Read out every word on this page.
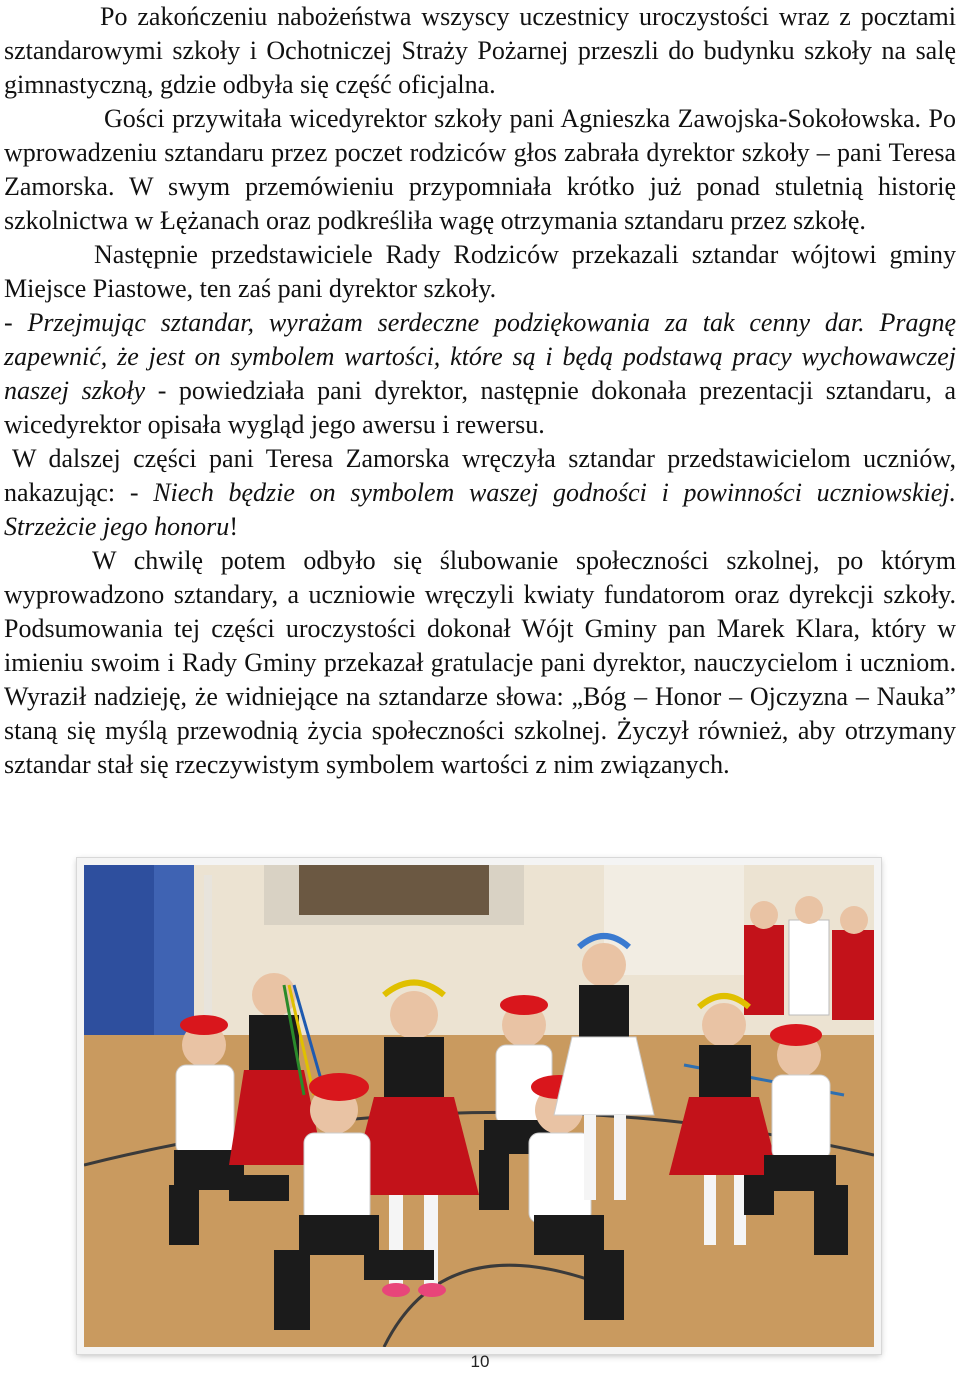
Po zakończeniu nabożeństwa wszyscy uczestnicy uroczystości wraz z pocztami sztandarowymi szkoły i Ochotniczej Straży Pożarnej przeszli do budynku szkoły na salę gimnastyczną, gdzie odbyła się część oficjalna.

Gości przywitała wicedyrektor szkoły pani Agnieszka Zawojska-Sokołowska. Po wprowadzeniu sztandaru przez poczet rodziców głos zabrała dyrektor szkoły – pani Teresa Zamorska. W swym przemówieniu przypomniała krótko już ponad stuletnią historię szkolnictwa w Łężanach oraz podkreśliła wagę otrzymania sztandaru przez szkołę.

Następnie przedstawiciele Rady Rodziców przekazali sztandar wójtowi gminy Miejsce Piastowe, ten zaś pani dyrektor szkoły.

- Przejmując sztandar, wyrażam serdeczne podziękowania za tak cenny dar. Pragnę zapewnić, że jest on symbolem wartości, które są i będą podstawą pracy wychowawczej naszej szkoły - powiedziała pani dyrektor, następnie dokonała prezentacji sztandaru, a wicedyrektor opisała wygląd jego awersu i rewersu.

W dalszej części pani Teresa Zamorska wręczyła sztandar przedstawicielom uczniów, nakazując: - Niech będzie on symbolem waszej godności i powinności uczniowskiej. Strzeżcie jego honoru!

W chwilę potem odbyło się ślubowanie społeczności szkolnej, po którym wyprowadzono sztandary, a uczniowie wręczyli kwiaty fundatorom oraz dyrekcji szkoły. Podsumowania tej części uroczystości dokonał Wójt Gminy pan Marek Klara, który w imieniu swoim i Rady Gminy przekazał gratulacje pani dyrektor, nauczycielom i uczniom. Wyraził nadzieję, że widniejące na sztandarze słowa: „Bóg – Honor – Ojczyzna – Nauka” staną się myślą przewodnią życia społeczności szkolnej. Życzył również, aby otrzymany sztandar stał się rzeczywistym symbolem wartości z nim związanych.

10
